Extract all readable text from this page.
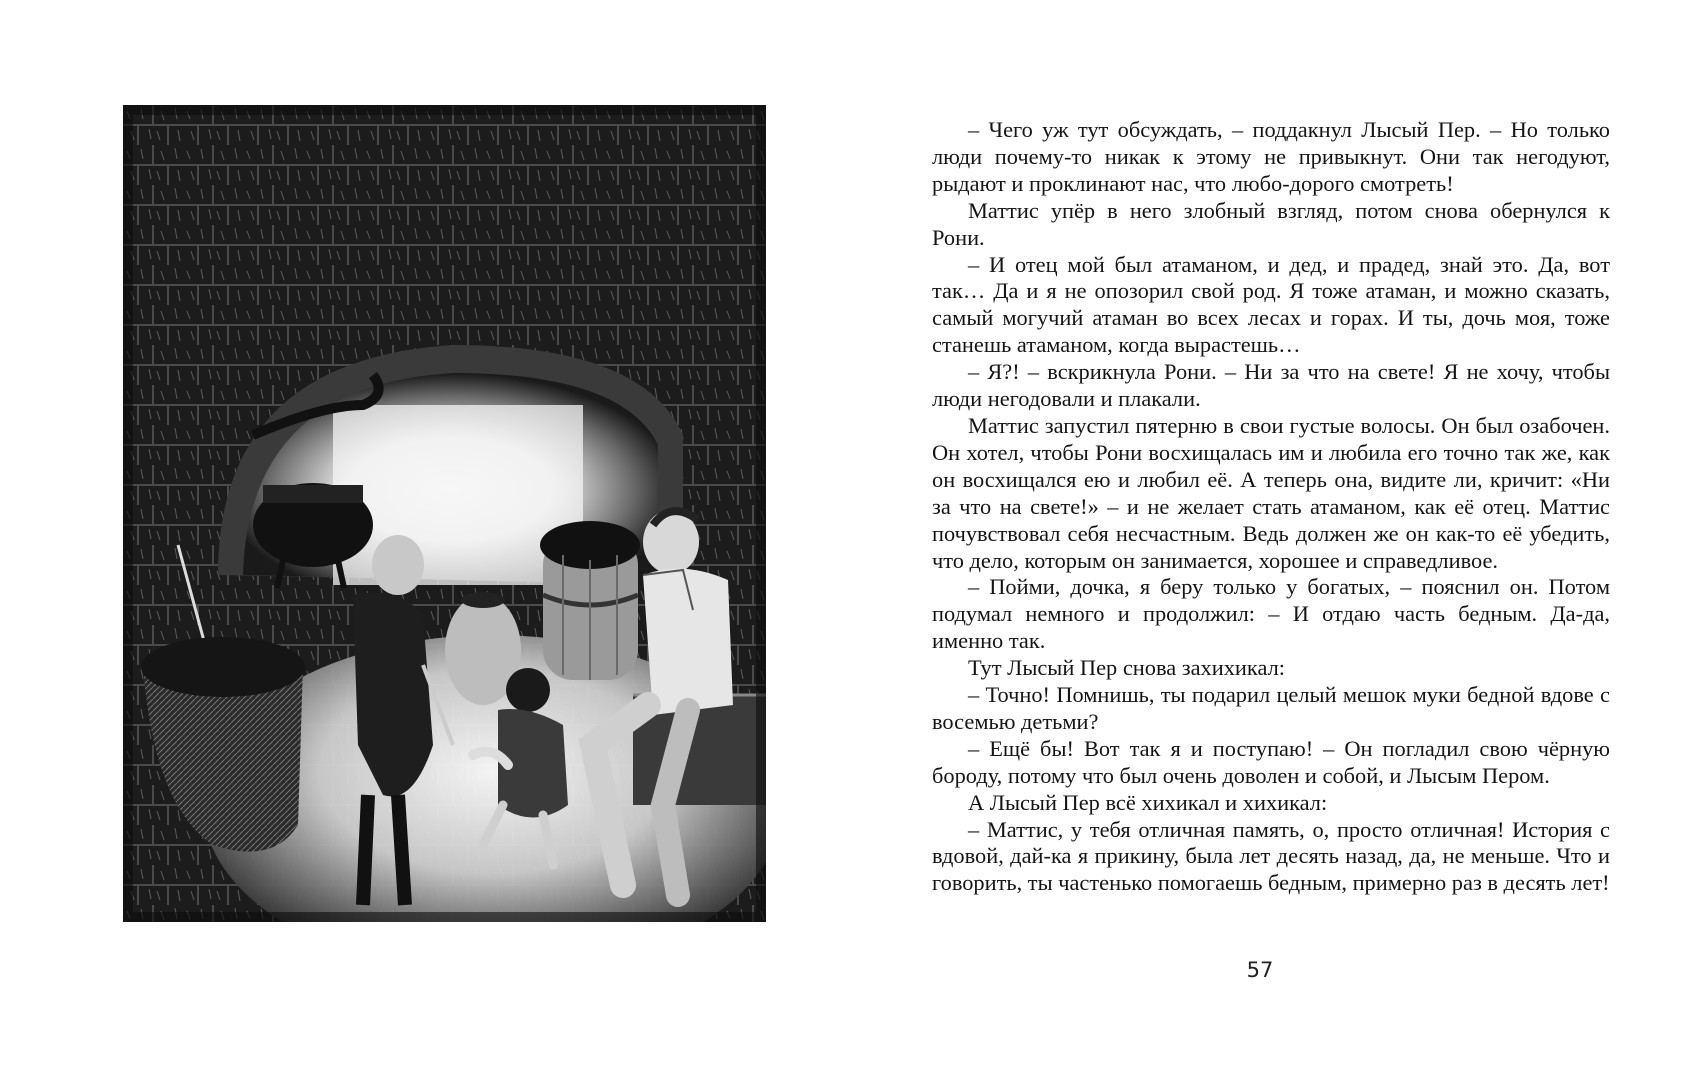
– Чего уж тут обсуждать, – поддакнул Лысый Пер. – Но только люди почему-то никак к этому не привыкнут. Они так негодуют, рыдают и проклинают нас, что любо-дорого смотреть!

Маттис упёр в него злобный взгляд, потом снова обернулся к Рони.

– И отец мой был атаманом, и дед, и прадед, знай это. Да, вот так… Да и я не опозорил свой род. Я тоже атаман, и можно сказать, самый могучий атаман во всех лесах и горах. И ты, дочь моя, тоже станешь атаманом, когда вырастешь…

– Я?! – вскрикнула Рони. – Ни за что на свете! Я не хочу, чтобы люди негодовали и плакали.

Маттис запустил пятерню в свои густые волосы. Он был озабочен. Он хотел, чтобы Рони восхищалась им и любила его точно так же, как он восхищался ею и любил её. А теперь она, видите ли, кричит: «Ни за что на свете!» – и не желает стать атаманом, как её отец. Маттис почувствовал себя несчастным. Ведь должен же он как-то её убедить, что дело, которым он занимается, хорошее и справедливое.

– Пойми, дочка, я беру только у богатых, – пояснил он. Потом подумал немного и продолжил: – И отдаю часть бедным. Да-да, именно так.

Тут Лысый Пер снова захихикал:

– Точно! Помнишь, ты подарил целый мешок муки бедной вдове с восемью детьми?

– Ещё бы! Вот так я и поступаю! – Он погладил свою чёрную бороду, потому что был очень доволен и собой, и Лысым Пером.

А Лысый Пер всё хихикал и хихикал:

– Маттис, у тебя отличная память, о, просто отличная! История с вдовой, дай-ка я прикину, была лет десять назад, да, не меньше. Что и говорить, ты частенько помогаешь бедным, примерно раз в десять лет!

57
